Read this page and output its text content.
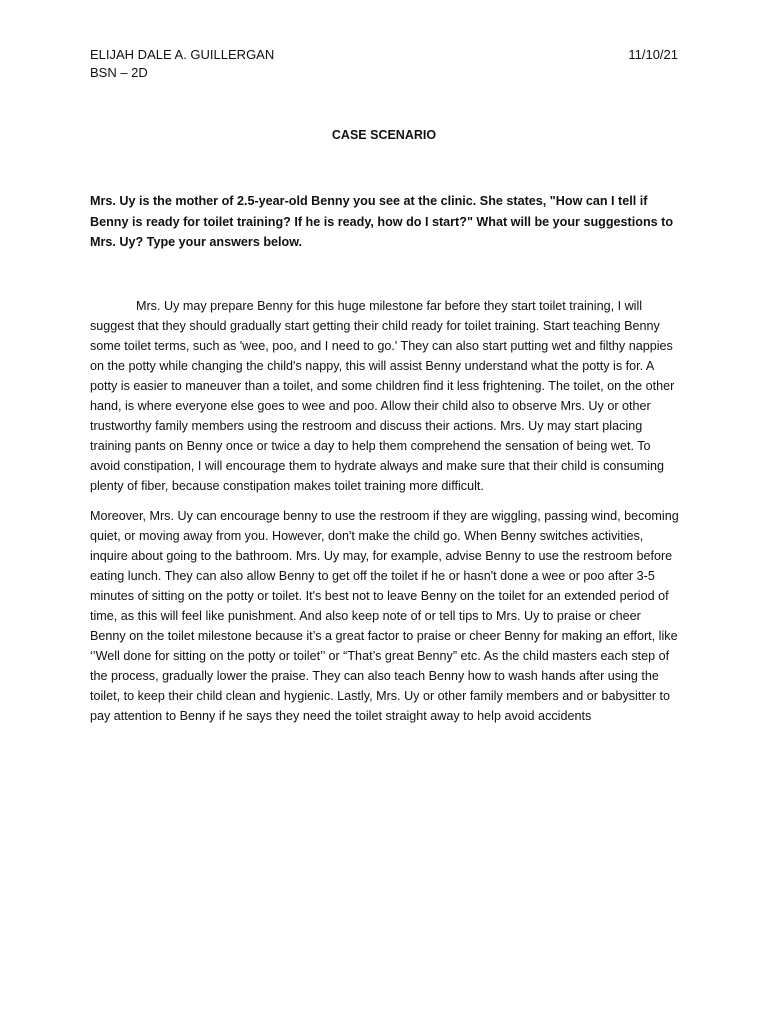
ELIJAH DALE A. GUILLERGAN
BSN – 2D
11/10/21
CASE SCENARIO
Mrs. Uy is the mother of 2.5-year-old Benny you see at the clinic. She states, "How can I tell if Benny is ready for toilet training? If he is ready, how do I start?" What will be your suggestions to Mrs. Uy? Type your answers below.

Mrs. Uy may prepare Benny for this huge milestone far before they start toilet training, I will suggest that they should gradually start getting their child ready for toilet training. Start teaching Benny some toilet terms, such as 'wee, poo, and I need to go.' They can also start putting wet and filthy nappies on the potty while changing the child's nappy, this will assist Benny understand what the potty is for. A potty is easier to maneuver than a toilet, and some children find it less frightening. The toilet, on the other hand, is where everyone else goes to wee and poo. Allow their child also to observe Mrs. Uy or other trustworthy family members using the restroom and discuss their actions. Mrs. Uy may start placing training pants on Benny once or twice a day to help them comprehend the sensation of being wet. To avoid constipation, I will encourage them to hydrate always and make sure that their child is consuming plenty of fiber, because constipation makes toilet training more difficult.

Moreover, Mrs. Uy can encourage benny to use the restroom if they are wiggling, passing wind, becoming quiet, or moving away from you. However, don't make the child go. When Benny switches activities, inquire about going to the bathroom. Mrs. Uy may, for example, advise Benny to use the restroom before eating lunch. They can also allow Benny to get off the toilet if he or hasn't done a wee or poo after 3-5 minutes of sitting on the potty or toilet. It's best not to leave Benny on the toilet for an extended period of time, as this will feel like punishment. And also keep note of or tell tips to Mrs. Uy to praise or cheer Benny on the toilet milestone because it’s a great factor to praise or cheer Benny for making an effort, like ‘’Well done for sitting on the potty or toilet’’ or “That’s great Benny” etc. As the child masters each step of the process, gradually lower the praise. They can also teach Benny how to wash hands after using the toilet, to keep their child clean and hygienic. Lastly, Mrs. Uy or other family members and or babysitter to pay attention to Benny if he says they need the toilet straight away to help avoid accidents
